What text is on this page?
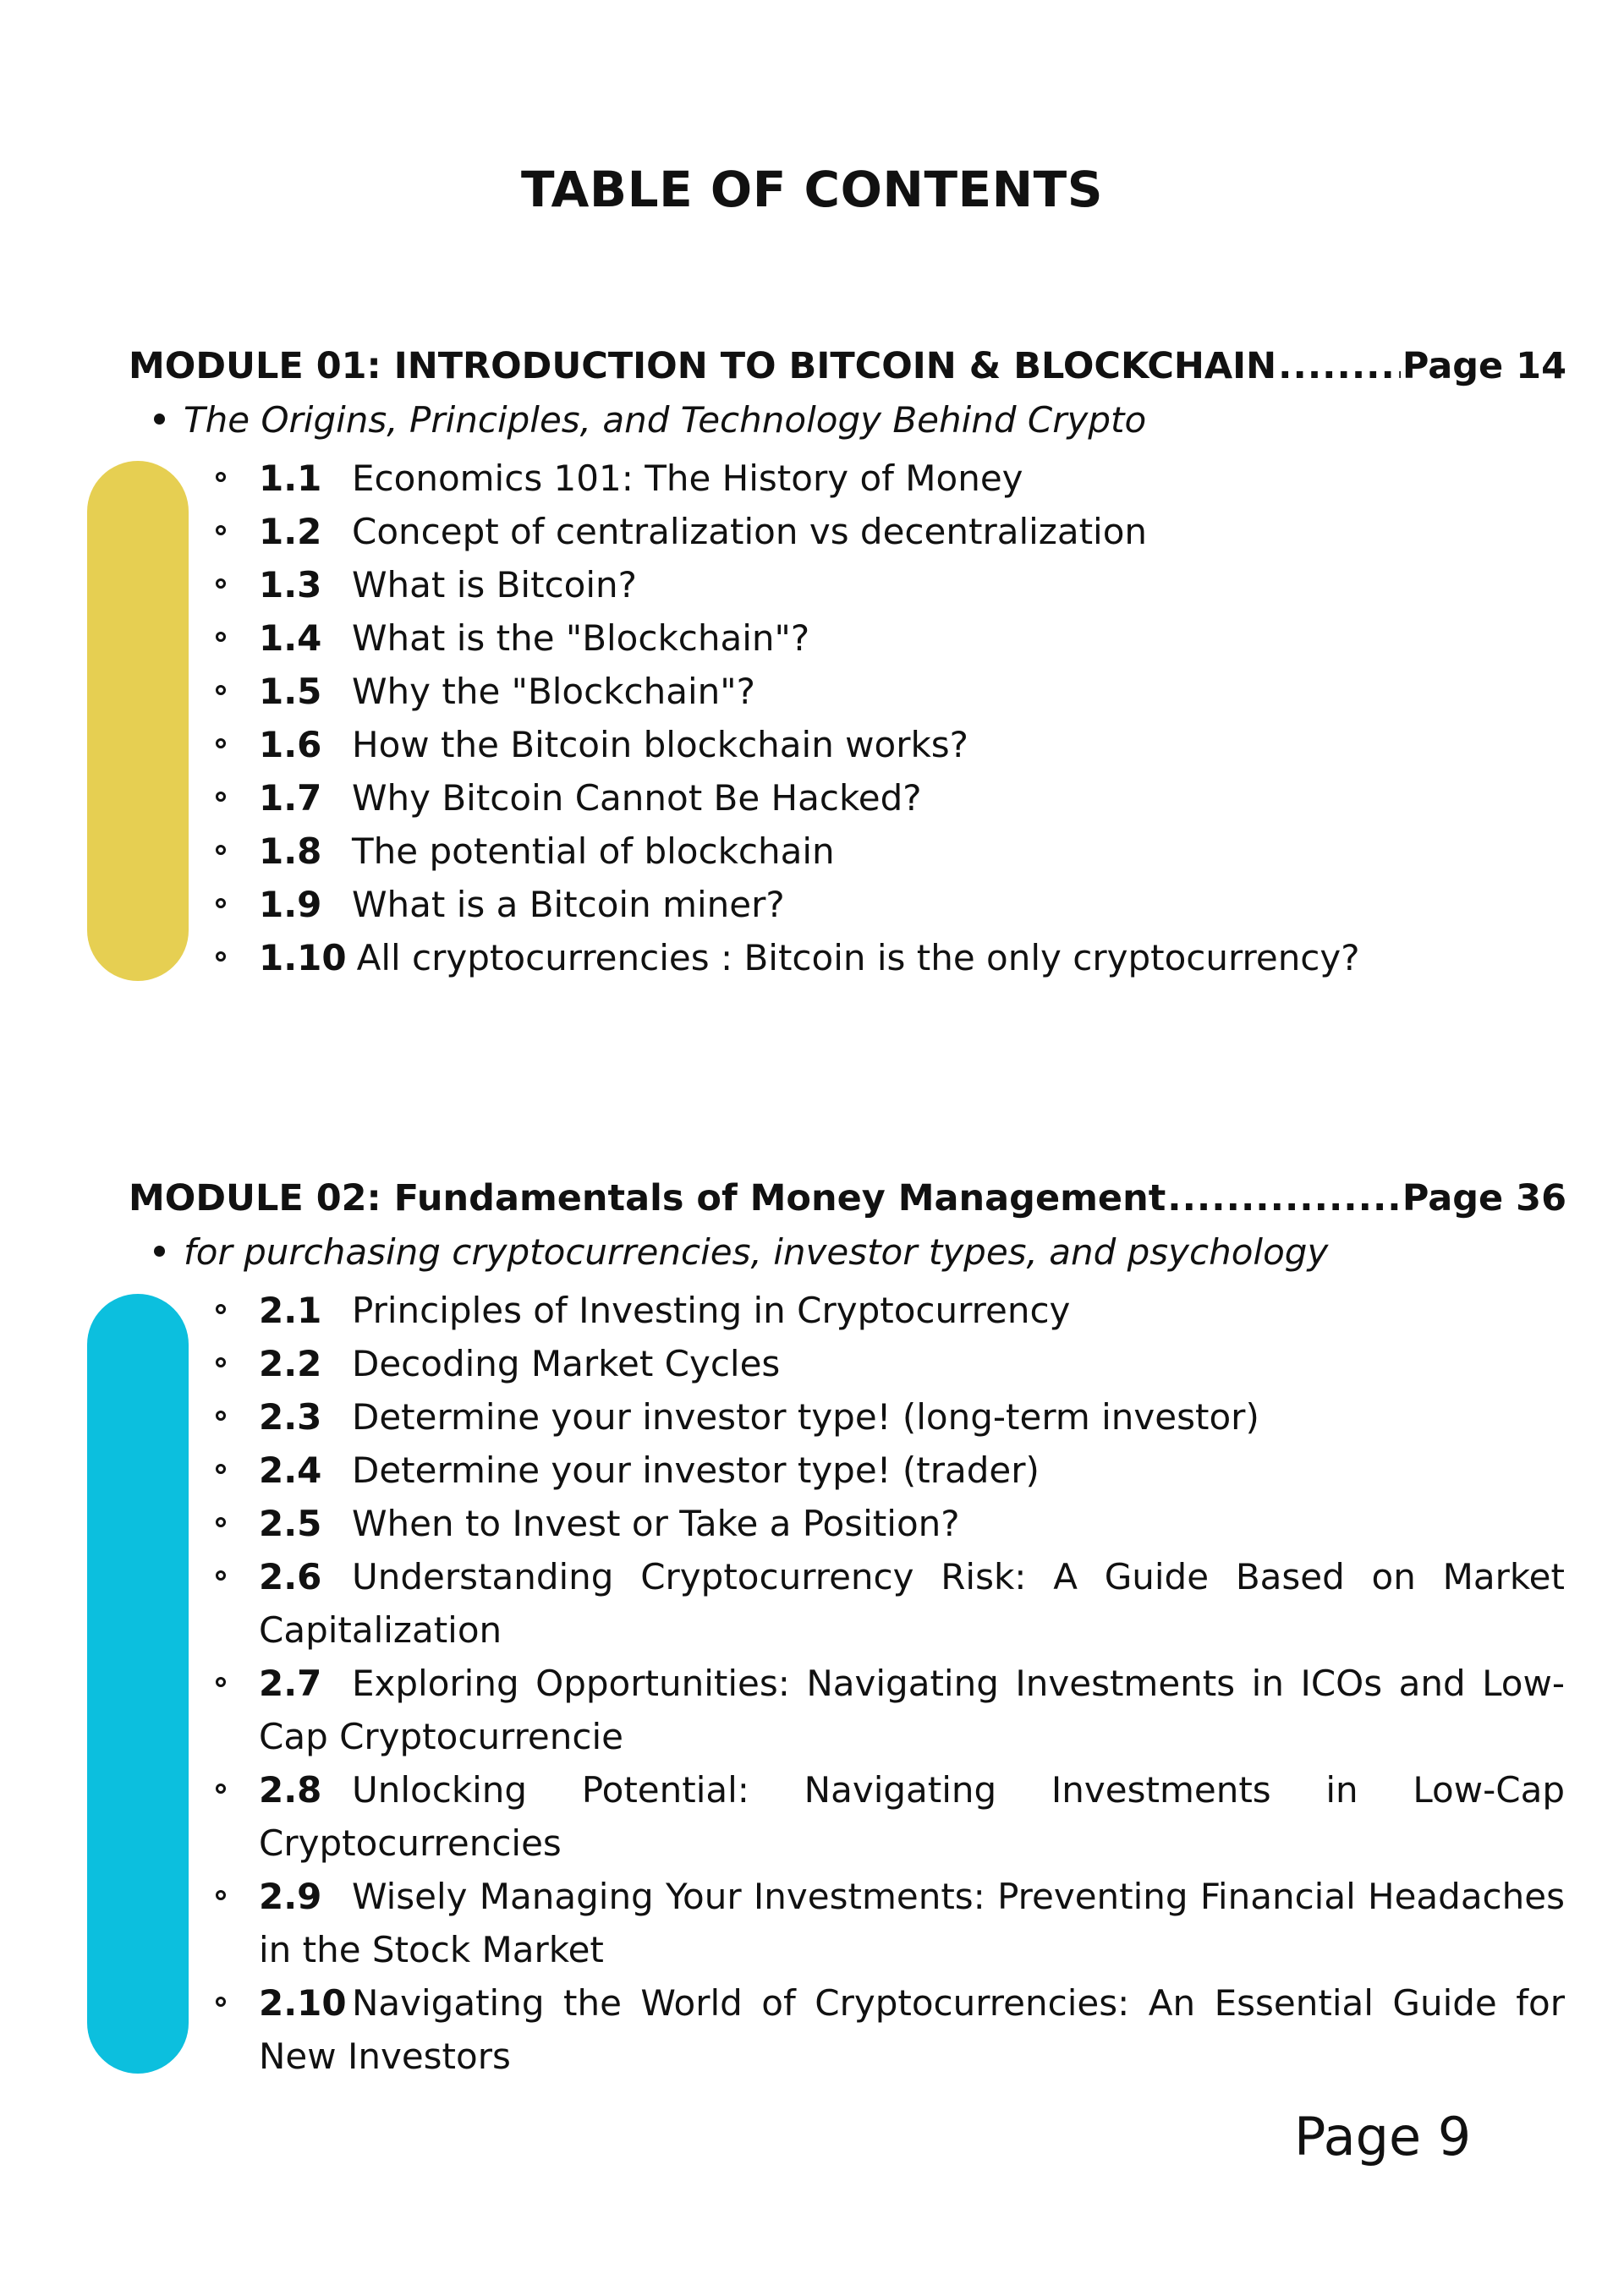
TABLE OF CONTENTS
MODULE 01: INTRODUCTION TO BITCOIN & BLOCKCHAIN .....	Page 14
The Origins, Principles, and Technology Behind Crypto
1.1 Economics 101: The History of Money
1.2 Concept of centralization vs decentralization
1.3 What is Bitcoin?
1.4 What is the "Blockchain"?
1.5 Why the "Blockchain"?
1.6 How the Bitcoin blockchain works?
1.7 Why Bitcoin Cannot Be Hacked?
1.8 The potential of blockchain
1.9 What is a Bitcoin miner?
1.10 All cryptocurrencies : Bitcoin is the only cryptocurrency?
MODULE 02: Fundamentals of Money Management .....	Page 36
for purchasing cryptocurrencies, investor types, and psychology
2.1 Principles of Investing in Cryptocurrency
2.2 Decoding Market Cycles
2.3 Determine your investor type! (long-term investor)
2.4 Determine your investor type! (trader)
2.5 When to Invest or Take a Position?
2.6 Understanding Cryptocurrency Risk: A Guide Based on Market Capitalization
2.7 Exploring Opportunities: Navigating Investments in ICOs and Low-Cap Cryptocurrencie
2.8 Unlocking Potential: Navigating Investments in Low-Cap Cryptocurrencies
2.9 Wisely Managing Your Investments: Preventing Financial Headaches in the Stock Market
2.10 Navigating the World of Cryptocurrencies: An Essential Guide for New Investors
Page 9
